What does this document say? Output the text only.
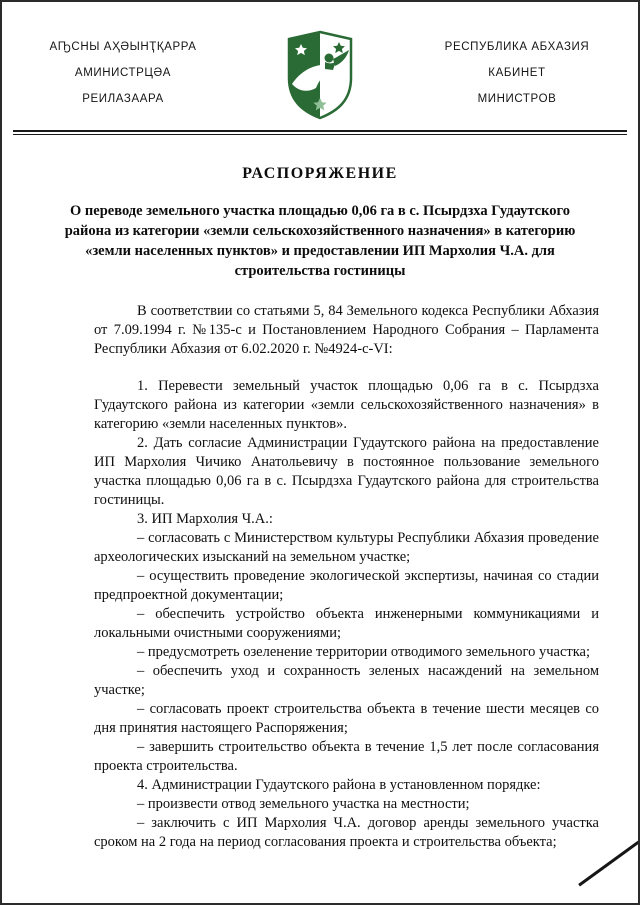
АҦСНЫ АҲӘЫНҬҚАРРА
АМИНИСТРЦӘА
РЕИЛАЗААРА
РЕСПУБЛИКА АБХАЗИЯ
КАБИНЕТ
МИНИСТРОВ
РАСПОРЯЖЕНИЕ
О переводе земельного участка площадью 0,06 га в с. Псырдзха Гудаутского района из категории «земли сельскохозяйственного назначения» в категорию «земли населенных пунктов» и предоставлении ИП Мархолия Ч.А. для строительства гостиницы

В соответствии со статьями 5, 84 Земельного кодекса Республики Абхазия от 7.09.1994 г. №135-с и Постановлением Народного Собрания – Парламента Республики Абхазия от 6.02.2020 г. №4924-с-VI:

1. Перевести земельный участок площадью 0,06 га в с. Псырдзха Гудаутского района из категории «земли сельскохозяйственного назначения» в категорию «земли населенных пунктов».

2. Дать согласие Администрации Гудаутского района на предоставление ИП Мархолия Чичико Анатольевичу в постоянное пользование земельного участка площадью 0,06 га в с. Псырдзха Гудаутского района для строительства гостиницы.

3. ИП Мархолия Ч.А.:

– согласовать с Министерством культуры Республики Абхазия проведение археологических изысканий на земельном участке;

– осуществить проведение экологической экспертизы, начиная со стадии предпроектной документации;

– обеспечить устройство объекта инженерными коммуникациями и локальными очистными сооружениями;

– предусмотреть озеленение территории отводимого земельного участка;

– обеспечить уход и сохранность зеленых насаждений на земельном участке;

– согласовать проект строительства объекта в течение шести месяцев со дня принятия настоящего Распоряжения;

– завершить строительство объекта в течение 1,5 лет после согласования проекта строительства.

4. Администрации Гудаутского района в установленном порядке:

– произвести отвод земельного участка на местности;

– заключить с ИП Мархолия Ч.А. договор аренды земельного участка сроком на 2 года на период согласования проекта и строительства объекта;
